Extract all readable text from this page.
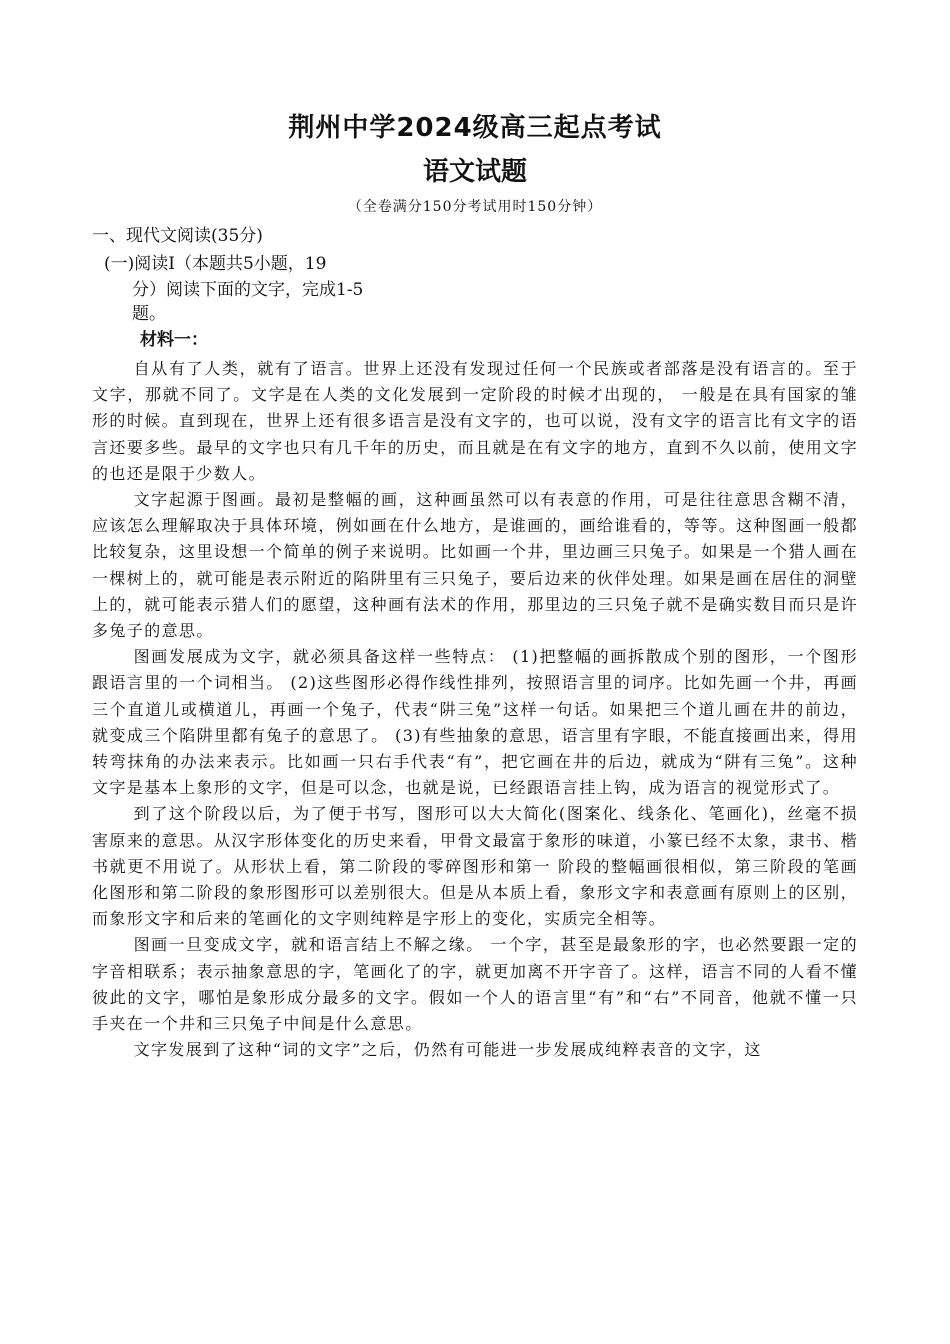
荆州中学2024级高三起点考试
语文试题
（全卷满分150分考试用时150分钟）
一、现代文阅读(35分)
(一)阅读Ⅰ（本题共5小题，19
分）阅读下面的文字，完成1-5
题。
材料一：

自从有了人类，就有了语言。世界上还没有发现过任何一个民族或者部落是没有语言的。至于文字，那就不同了。文字是在人类的文化发展到一定阶段的时候才出现的， 一般是在具有国家的雏形的时候。直到现在，世界上还有很多语言是没有文字的，也可以说，没有文字的语言比有文字的语言还要多些。最早的文字也只有几千年的历史，而且就是在有文字的地方，直到不久以前，使用文字的也还是限于少数人。

文字起源于图画。最初是整幅的画，这种画虽然可以有表意的作用，可是往往意思含糊不清，应该怎么理解取决于具体环境，例如画在什么地方，是谁画的，画给谁看的，等等。这种图画一般都比较复杂，这里设想一个简单的例子来说明。比如画一个井，里边画三只兔子。如果是一个猎人画在一棵树上的，就可能是表示附近的陷阱里有三只兔子，要后边来的伙伴处理。如果是画在居住的洞壁上的，就可能表示猎人们的愿望，这种画有法术的作用，那里边的三只兔子就不是确实数目而只是许多兔子的意思。

图画发展成为文字，就必须具备这样一些特点： (1)把整幅的画拆散成个别的图形，一个图形跟语言里的一个词相当。 (2)这些图形必得作线性排列，按照语言里的词序。比如先画一个井，再画三个直道儿或横道儿，再画一个兔子，代表“阱三兔”这样一句话。如果把三个道儿画在井的前边，就变成三个陷阱里都有兔子的意思了。 (3)有些抽象的意思，语言里有字眼，不能直接画出来，得用转弯抹角的办法来表示。比如画一只右手代表“有”，把它画在井的后边，就成为“阱有三兔”。这种文字是基本上象形的文字，但是可以念，也就是说，已经跟语言挂上钩，成为语言的视觉形式了。

到了这个阶段以后，为了便于书写，图形可以大大简化(图案化、线条化、笔画化)，丝毫不损害原来的意思。从汉字形体变化的历史来看，甲骨文最富于象形的味道，小篆已经不太象，隶书、楷书就更不用说了。从形状上看，第二阶段的零碎图形和第一 阶段的整幅画很相似，第三阶段的笔画化图形和第二阶段的象形图形可以差别很大。但是从本质上看，象形文字和表意画有原则上的区别，而象形文字和后来的笔画化的文字则纯粹是字形上的变化，实质完全相等。

图画一旦变成文字，就和语言结上不解之缘。 一个字，甚至是最象形的字，也必然要跟一定的字音相联系；表示抽象意思的字，笔画化了的字，就更加离不开字音了。这样，语言不同的人看不懂彼此的文字，哪怕是象形成分最多的文字。假如一个人的语言里“有”和“右”不同音，他就不懂一只手夹在一个井和三只兔子中间是什么意思。

文字发展到了这种“词的文字”之后，仍然有可能进一步发展成纯粹表音的文字，这
